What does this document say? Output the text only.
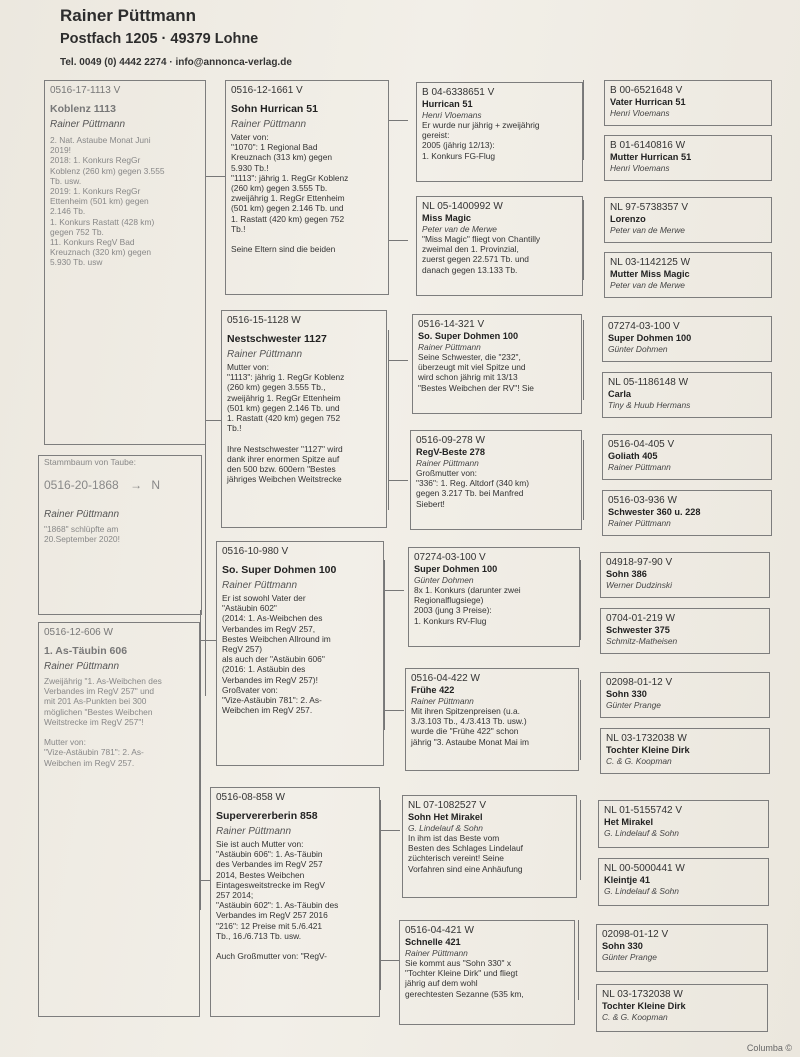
Rainer Püttmann
Postfach 1205 · 49379 Lohne
Tel. 0049 (0) 4442 2274 · info@annonca-verlag.de
0516-17-1113 V
Koblenz 1113
Rainer Püttmann
2. Nat. Astaube Monat Juni
2019!
2018: 1. Konkurs RegGr
Koblenz (260 km) gegen 3.555
Tb. usw.
2019: 1. Konkurs RegGr
Ettenheim (501 km) gegen
2.146 Tb.
1. Konkurs Rastatt (428 km)
gegen 752 Tb.
11. Konkurs RegV Bad
Kreuznach (320 km) gegen
5.930 Tb. usw
Stammbaum von Taube:
0516-20-1868 → N
Rainer Püttmann
"1868" schlüpfte am
20.September 2020!
0516-12-606 W
1. As-Täubin 606
Rainer Püttmann
Zweijährig "1. As-Weibchen des
Verbandes im RegV 257" und
mit 201 As-Punkten bei 300
möglichen "Bestes Weibchen
Weitstrecke im RegV 257"!

Mutter von:
"Vize-Astäubin 781": 2. As-
Weibchen im RegV 257.
0516-12-1661 V
Sohn Hurrican 51
Rainer Püttmann
Vater von:
"1070": 1 Regional Bad
Kreuznach (313 km) gegen
5.930 Tb.!
"1113": jährig 1. RegGr Koblenz
(260 km) gegen 3.555 Tb.
zweijährig 1. RegGr Ettenheim
(501 km) gegen 2.146 Tb. und
1. Rastatt (420 km) gegen 752
Tb.!

Seine Eltern sind die beiden
0516-15-1128 W
Nestschwester 1127
Rainer Püttmann
Mutter von:
"1113": jährig 1. RegGr Koblenz
(260 km) gegen 3.555 Tb.,
zweijährig 1. RegGr Ettenheim
(501 km) gegen 2.146 Tb. und
1. Rastatt (420 km) gegen 752
Tb.!

Ihre Nestschwester "1127" wird
dank ihrer enormen Spitze auf
den 500 bzw. 600ern "Bestes
jähriges Weibchen Weitstrecke
0516-10-980 V
So. Super Dohmen 100
Rainer Püttmann
Er ist sowohl Vater der
"Astäubin 602"
(2014: 1. As-Weibchen des
Verbandes im RegV 257,
Bestes Weibchen Allround im
RegV 257)
als auch der "Astäubin 606"
(2016: 1. Astäubin des
Verbandes im RegV 257)!
Großvater von:
"Vize-Astäubin 781": 2. As-
Weibchen im RegV 257.
0516-08-858 W
Supervererberin 858
Rainer Püttmann
Sie ist auch Mutter von:
"Astäubin 606": 1. As-Täubin
des Verbandes im RegV 257
2014, Bestes Weibchen
Eintagesweitstrecke im RegV
257 2014;
"Astäubin 602": 1. As-Täubin des
Verbandes im RegV 257 2016
"216": 12 Preise mit 5./6.421
Tb., 16./6.713 Tb. usw.

Auch Großmutter von: "RegV-
B 04-6338651 V
Hurrican 51
Henri Vloemans
Er wurde nur jährig + zweijährig
gereist:
2005 (jährig 12/13):
1. Konkurs FG-Flug
NL 05-1400992 W
Miss Magic
Peter van de Merwe
"Miss Magic" fliegt von Chantilly
zweimal den 1. Provinzial,
zuerst gegen 22.571 Tb. und
danach gegen 13.133 Tb.
0516-14-321 V
So. Super Dohmen 100
Rainer Püttmann
Seine Schwester, die "232",
überzeugt mit viel Spitze und
wird schon jährig mit 13/13
"Bestes Weibchen der RV"! Sie
0516-09-278 W
RegV-Beste 278
Rainer Püttmann
Großmutter von:
"336": 1. Reg. Altdorf (340 km)
gegen 3.217 Tb. bei Manfred
Siebert!
07274-03-100 V
Super Dohmen 100
Günter Dohmen
8x 1. Konkurs (darunter zwei
Regionalflugsiege)
2003 (jung 3 Preise):
1. Konkurs RV-Flug
0516-04-422 W
Frühe 422
Rainer Püttmann
Mit ihren Spitzenpreisen (u.a.
3./3.103 Tb., 4./3.413 Tb. usw.)
wurde die "Frühe 422" schon
jährig "3. Astaube Monat Mai im
NL 07-1082527 V
Sohn Het Mirakel
G. Lindelauf & Sohn
In ihm ist das Beste vom
Besten des Schlages Lindelauf
züchterisch vereint! Seine
Vorfahren sind eine Anhäufung
0516-04-421 W
Schnelle 421
Rainer Püttmann
Sie kommt aus "Sohn 330" x
"Tochter Kleine Dirk" und fliegt
jährig auf dem wohl
gerechtesten Sezanne (535 km,
B 00-6521648 V
Vater Hurrican 51
Henri Vloemans
B 01-6140816 W
Mutter Hurrican 51
Henri Vloemans
NL 97-5738357 V
Lorenzo
Peter van de Merwe
NL 03-1142125 W
Mutter Miss Magic
Peter van de Merwe
07274-03-100 V
Super Dohmen 100
Günter Dohmen
NL 05-1186148 W
Carla
Tiny & Huub Hermans
0516-04-405 V
Goliath 405
Rainer Püttmann
0516-03-936 W
Schwester 360 u. 228
Rainer Püttmann
04918-97-90 V
Sohn 386
Werner Dudzinski
0704-01-219 W
Schwester 375
Schmitz-Matheisen
02098-01-12 V
Sohn 330
Günter Prange
NL 03-1732038 W
Tochter Kleine Dirk
C. & G. Koopman
NL 01-5155742 V
Het Mirakel
G. Lindelauf & Sohn
NL 00-5000441 W
Kleintje 41
G. Lindelauf & Sohn
02098-01-12 V
Sohn 330
Günter Prange
NL 03-1732038 W
Tochter Kleine Dirk
C. & G. Koopman
Columba ©
